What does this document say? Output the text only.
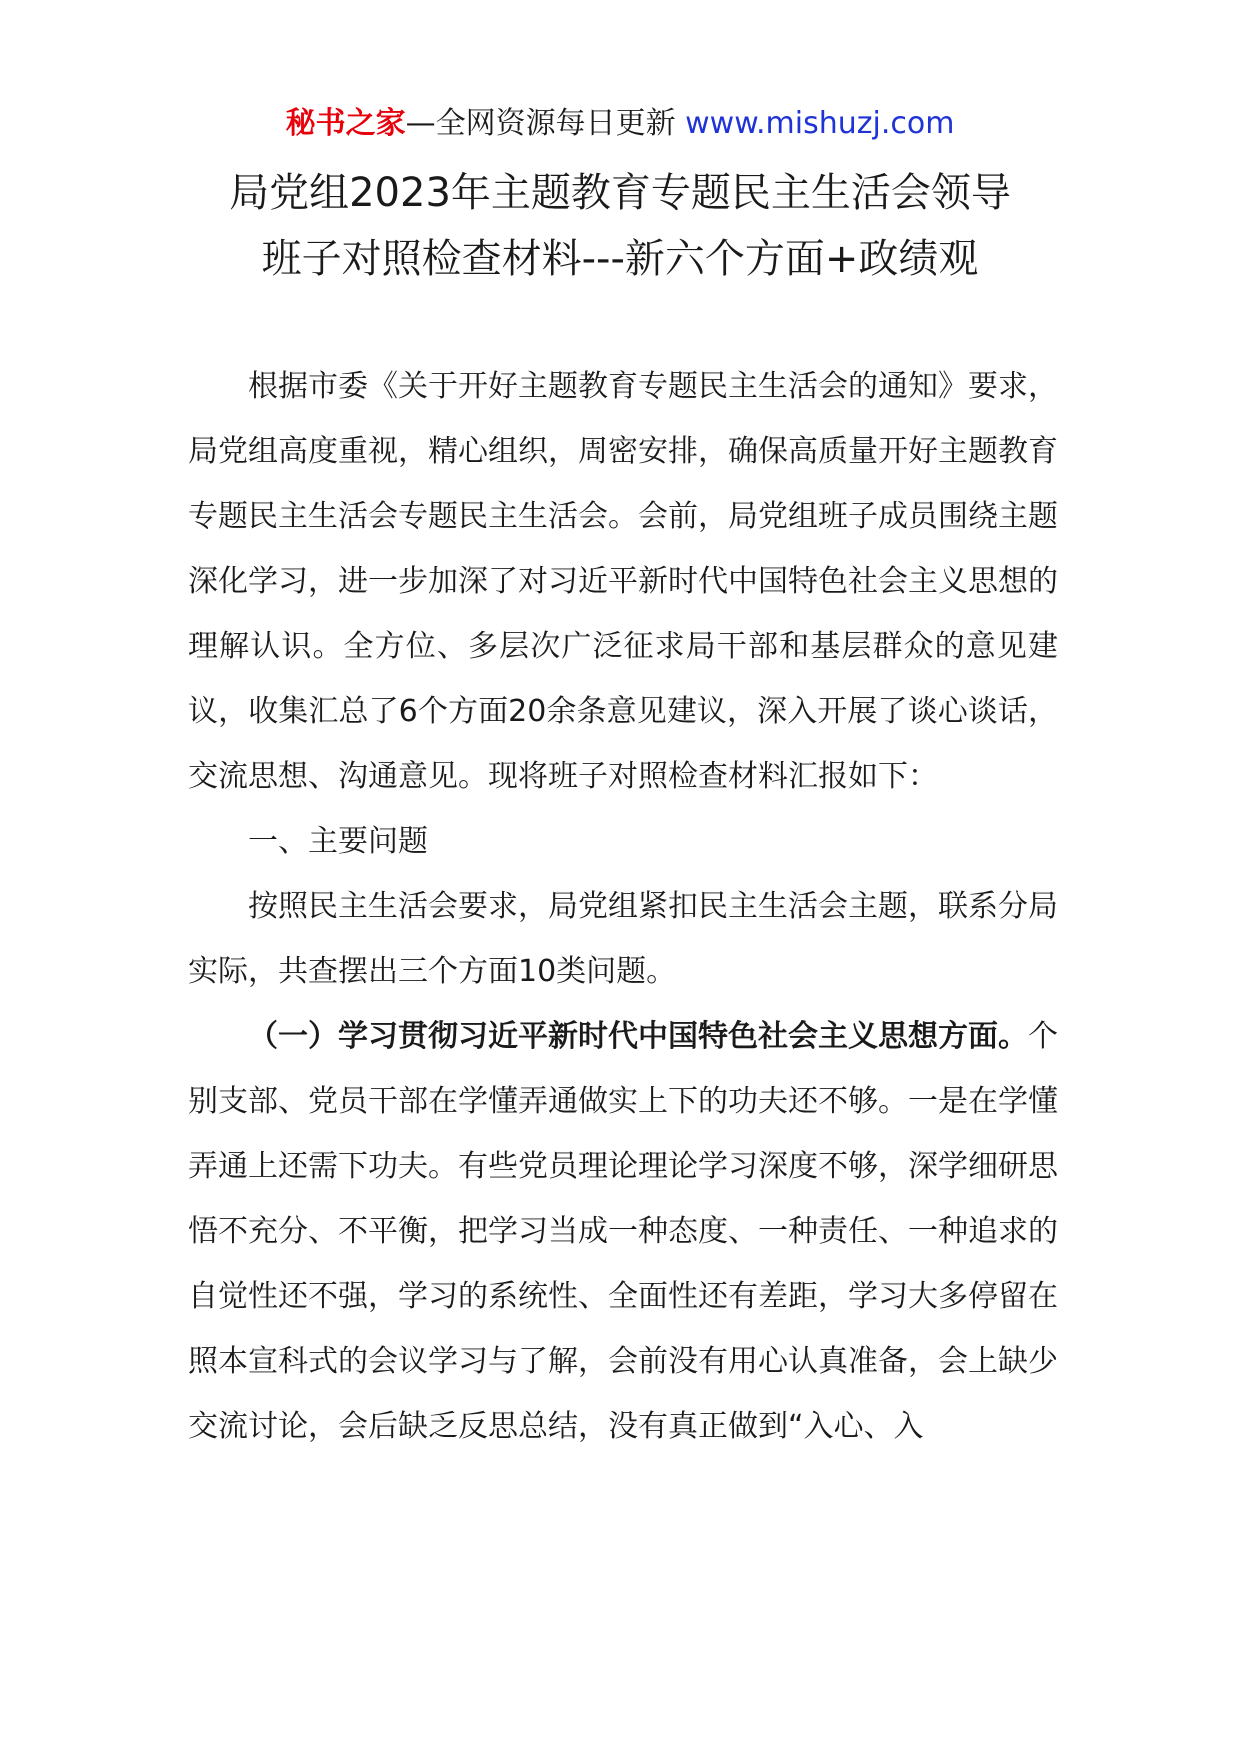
秘书之家—全网资源每日更新 www.mishuzj.com
局党组2023年主题教育专题民主生活会领导
班子对照检查材料---新六个方面+政绩观

根据市委《关于开好主题教育专题民主生活会的通知》要求，局党组高度重视，精心组织，周密安排，确保高质量开好主题教育专题民主生活会专题民主生活会。会前，局党组班子成员围绕主题深化学习，进一步加深了对习近平新时代中国特色社会主义思想的理解认识。全方位、多层次广泛征求局干部和基层群众的意见建议，收集汇总了6个方面20余条意见建议，深入开展了谈心谈话，交流思想、沟通意见。现将班子对照检查材料汇报如下：

一、主要问题

按照民主生活会要求，局党组紧扣民主生活会主题，联系分局实际，共查摆出三个方面10类问题。

（一）学习贯彻习近平新时代中国特色社会主义思想方面。个别支部、党员干部在学懂弄通做实上下的功夫还不够。一是在学懂弄通上还需下功夫。有些党员理论理论学习深度不够，深学细研思悟不充分、不平衡，把学习当成一种态度、一种责任、一种追求的自觉性还不强，学习的系统性、全面性还有差距，学习大多停留在照本宣科式的会议学习与了解，会前没有用心认真准备，会上缺少交流讨论，会后缺乏反思总结，没有真正做到“入心、入
